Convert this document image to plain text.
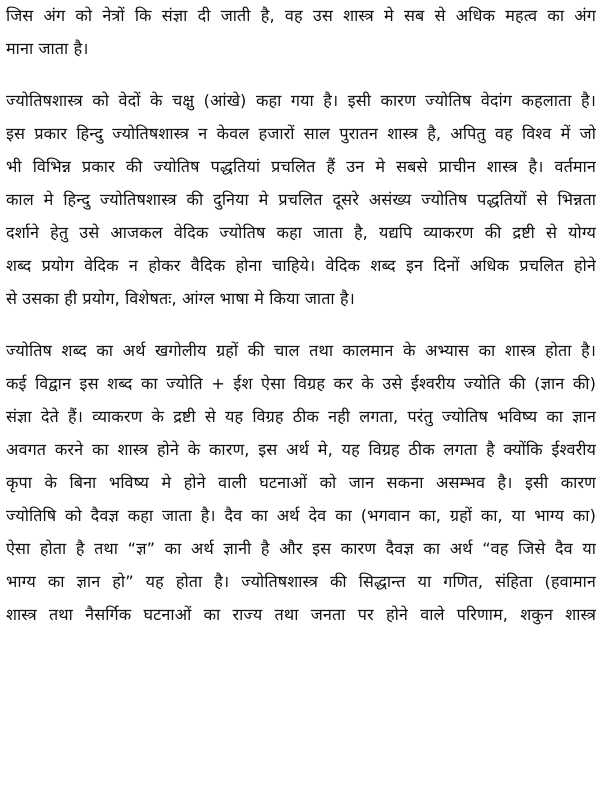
जिस अंग को नेत्रों कि संज्ञा दी जाती है, वह उस शास्त्र मे सब से अधिक महत्व का अंग
माना जाता है।
ज्योतिषशास्त्र को वेदों के चक्षु (आंखे) कहा गया है। इसी कारण ज्योतिष वेदांग कहलाता है।
इस प्रकार हिन्दु ज्योतिषशास्त्र न केवल हजारों साल पुरातन शास्त्र है, अपितु वह विश्व में जो
भी विभिन्न प्रकार की ज्योतिष पद्धतियां प्रचलित हैं उन मे सबसे प्राचीन शास्त्र है। वर्तमान
काल मे हिन्दु ज्योतिषशास्त्र की दुनिया मे प्रचलित दूसरे असंख्य ज्योतिष पद्धतियों से भिन्नता
दर्शाने हेतु उसे आजकल वेदिक ज्योतिष कहा जाता है, यद्यपि व्याकरण की द्रष्टी से योग्य
शब्द प्रयोग वेदिक न होकर वैदिक होना चाहिये। वेदिक शब्द इन दिनों अधिक प्रचलित होने
से उसका ही प्रयोग, विशेषतः, आंग्ल भाषा मे किया जाता है।
ज्योतिष शब्द का अर्थ खगोलीय ग्रहों की चाल तथा कालमान के अभ्यास का शास्त्र होता है।
कई विद्वान इस शब्द का ज्योति + ईश ऐसा विग्रह कर के उसे ईश्वरीय ज्योति की (ज्ञान की)
संज्ञा देते हैं। व्याकरण के द्रष्टी से यह विग्रह ठीक नही लगता, परंतु ज्योतिष भविष्य का ज्ञान
अवगत करने का शास्त्र होने के कारण, इस अर्थ मे, यह विग्रह ठीक लगता है क्योंकि ईश्वरीय
कृपा के बिना भविष्य मे होने वाली घटनाओं को जान सकना असम्भव है। इसी कारण
ज्योतिषि को दैवज्ञ कहा जाता है। दैव का अर्थ देव का (भगवान का, ग्रहों का, या भाग्य का)
ऐसा होता है तथा “ज्ञ” का अर्थ ज्ञानी है और इस कारण दैवज्ञ का अर्थ “वह जिसे दैव या
भाग्य का ज्ञान हो” यह होता है। ज्योतिषशास्त्र की सिद्धान्त या गणित, संहिता (हवामान
शास्त्र तथा नैसर्गिक घटनाओं का राज्य तथा जनता पर होने वाले परिणाम, शकुन शास्त्र
